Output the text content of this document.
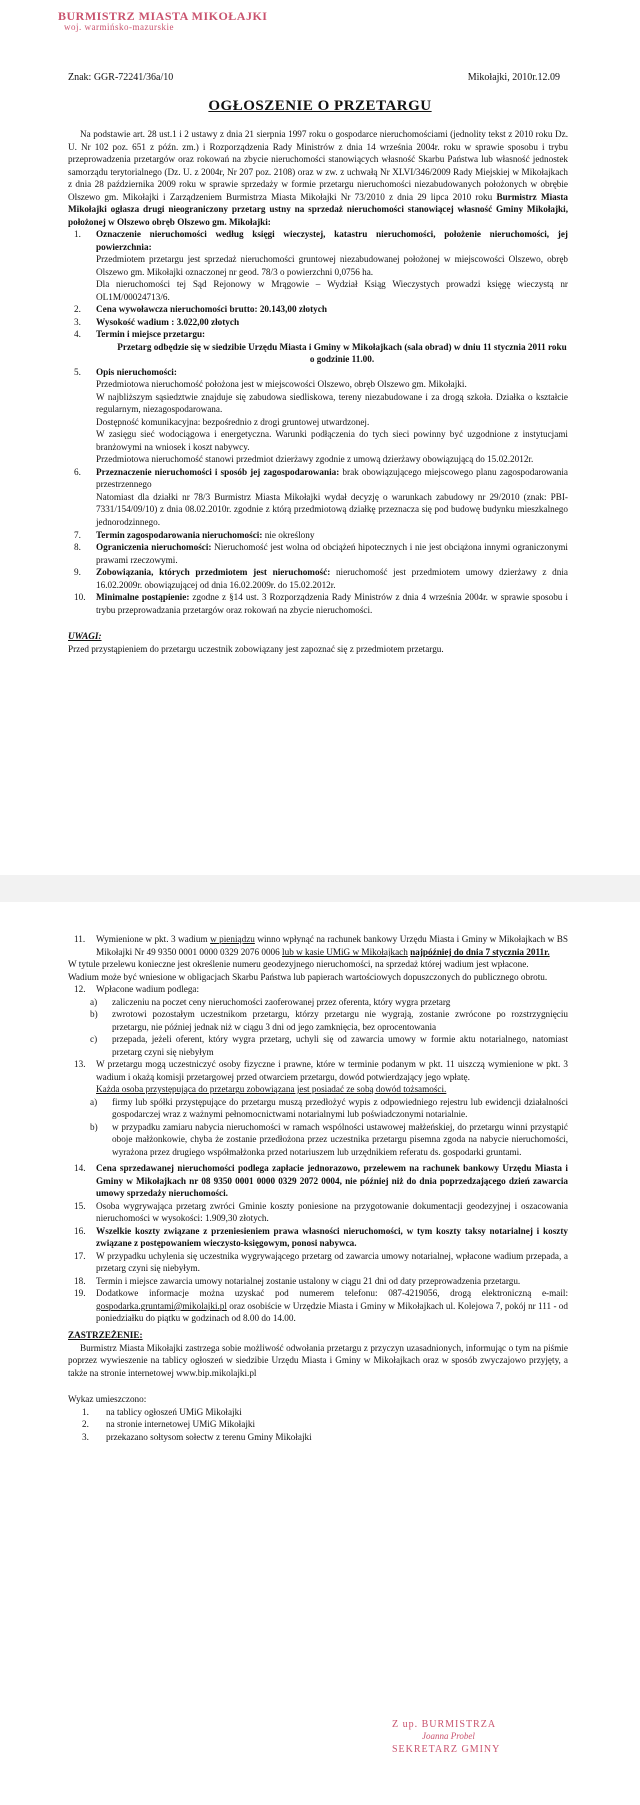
BURMISTRZ MIASTA MIKOŁAJKI
woj. warmińsko-mazurskie
Znak: GGR-72241/36a/10	Mikołajki, 2010r.12.09
OGŁOSZENIE O PRZETARGU

Na podstawie art. 28 ust.1 i 2 ustawy z dnia 21 sierpnia 1997 roku o gospodarce nieruchomościami (jednolity tekst z 2010 roku Dz. U. Nr 102 poz. 651 z późn. zm.) i Rozporządzenia Rady Ministrów z dnia 14 września 2004r. roku w sprawie sposobu i trybu przeprowadzenia przetargów oraz rokowań na zbycie nieruchomości stanowiących własność Skarbu Państwa lub własność jednostek samorządu terytorialnego (Dz. U. z 2004r, Nr 207 poz. 2108) oraz w zw. z uchwałą Nr XLVI/346/2009 Rady Miejskiej w Mikołajkach z dnia 28 października 2009 roku w sprawie sprzedaży w formie przetargu nieruchomości niezabudowanych położonych w obrębie Olszewo gm. Mikołajki i Zarządzeniem Burmistrza Miasta Mikołajki Nr 73/2010 z dnia 29 lipca 2010 roku Burmistrz Miasta Mikołajki ogłasza drugi nieograniczony przetarg ustny na sprzedaż nieruchomości stanowiącej własność Gminy Mikołajki, położonej w Olszewo obręb Olszewo gm. Mikołajki:

1.	Oznaczenie nieruchomości według księgi wieczystej, katastru nieruchomości, położenie nieruchomości, jej powierzchnia:

Przedmiotem przetargu jest sprzedaż nieruchomości gruntowej niezabudowanej położonej w miejscowości Olszewo, obręb Olszewo gm. Mikołajki oznaczonej nr geod. 78/3 o powierzchni 0,0756 ha.

Dla nieruchomości tej Sąd Rejonowy w Mrągowie – Wydział Ksiąg Wieczystych prowadzi księgę wieczystą nr OL1M/00024713/6.

2.	Cena wywoławcza nieruchomości brutto: 20.143,00 złotych

3.	Wysokość wadium : 3.022,00 złotych

4.	Termin i miejsce przetargu:

Przetarg odbędzie się w siedzibie Urzędu Miasta i Gminy w Mikołajkach (sala obrad) w dniu 11 stycznia 2011 roku o godzinie 11.00.

5.	Opis nieruchomości:

Przedmiotowa nieruchomość położona jest w miejscowości Olszewo, obręb Olszewo gm. Mikołajki.

W najbliższym sąsiedztwie znajduje się zabudowa siedliskowa, tereny niezabudowane i za drogą szkoła. Działka o kształcie regularnym, niezagospodarowana.

Dostępność komunikacyjna: bezpośrednio z drogi gruntowej utwardzonej.

W zasięgu sieć wodociągowa i energetyczna. Warunki podłączenia do tych sieci powinny być uzgodnione z instytucjami branżowymi na wniosek i koszt nabywcy.

Przedmiotowa nieruchomość stanowi przedmiot dzierżawy zgodnie z umową dzierżawy obowiązującą do 15.02.2012r.

6.	Przeznaczenie nieruchomości i sposób jej zagospodarowania: brak obowiązującego miejscowego planu zagospodarowania przestrzennego

Natomiast dla działki nr 78/3 Burmistrz Miasta Mikołajki wydał decyzję o warunkach zabudowy nr 29/2010 (znak: PBI-7331/154/09/10) z dnia 08.02.2010r. zgodnie z którą przedmiotową działkę przeznacza się pod budowę budynku mieszkalnego jednorodzinnego.

7.	Termin zagospodarowania nieruchomości: nie określony

8.	Ograniczenia nieruchomości: Nieruchomość jest wolna od obciążeń hipotecznych i nie jest obciążona innymi ograniczonymi prawami rzeczowymi.

9.	Zobowiązania, których przedmiotem jest nieruchomość: nieruchomość jest przedmiotem umowy dzierżawy z dnia 16.02.2009r. obowiązującej od dnia 16.02.2009r. do 15.02.2012r.

10.	Minimalne postąpienie: zgodne z §14 ust. 3 Rozporządzenia Rady Ministrów z dnia 4 września 2004r. w sprawie sposobu i trybu przeprowadzania przetargów oraz rokowań na zbycie nieruchomości.

UWAGI:

Przed przystąpieniem do przetargu uczestnik zobowiązany jest zapoznać się z przedmiotem przetargu.

11.	Wymienione w pkt. 3 wadium w pieniądzu winno wpłynąć na rachunek bankowy Urzędu Miasta i Gminy w Mikołajkach w BS Mikołajki Nr 49 9350 0001 0000 0329 2076 0006 lub w kasie UMiG w Mikołajkach najpóźniej do dnia 7 stycznia 2011r.

W tytule przelewu konieczne jest określenie numeru geodezyjnego nieruchomości, na sprzedaż której wadium jest wpłacone.

Wadium może być wniesione w obligacjach Skarbu Państwa lub papierach wartościowych dopuszczonych do publicznego obrotu.

12.	Wpłacone wadium podlega:

a)	zaliczeniu na poczet ceny nieruchomości zaoferowanej przez oferenta, który wygra przetarg

b)	zwrotowi pozostałym uczestnikom przetargu, którzy przetargu nie wygrają, zostanie zwrócone po rozstrzygnięciu przetargu, nie później jednak niż w ciągu 3 dni od jego zamknięcia, bez oprocentowania

c)	przepada, jeżeli oferent, który wygra przetarg, uchyli się od zawarcia umowy w formie aktu notarialnego, natomiast przetarg czyni się niebyłym

13.	W przetargu mogą uczestniczyć osoby fizyczne i prawne, które w terminie podanym w pkt. 11 uiszczą wymienione w pkt. 3 wadium i okażą komisji przetargowej przed otwarciem przetargu, dowód potwierdzający jego wpłatę.

Każda osoba przystępująca do przetargu zobowiązana jest posiadać ze sobą dowód tożsamości.

a)	firmy lub spółki przystępujące do przetargu muszą przedłożyć wypis z odpowiedniego rejestru lub ewidencji działalności gospodarczej wraz z ważnymi pełnomocnictwami notarialnymi lub poświadczonymi notarialnie.

b)	w przypadku zamiaru nabycia nieruchomości w ramach wspólności ustawowej małżeńskiej, do przetargu winni przystąpić oboje małżonkowie, chyba że zostanie przedłożona przez uczestnika przetargu pisemna zgoda na nabycie nieruchomości, wyrażona przez drugiego współmałżonka przed notariuszem lub urzędnikiem referatu ds. gospodarki gruntami.

14.	Cena sprzedawanej nieruchomości podlega zapłacie jednorazowo, przelewem na rachunek bankowy Urzędu Miasta i Gminy w Mikołajkach nr 08 9350 0001 0000 0329 2072 0004, nie później niż do dnia poprzedzającego dzień zawarcia umowy sprzedaży nieruchomości.

15.	Osoba wygrywająca przetarg zwróci Gminie koszty poniesione na przygotowanie dokumentacji geodezyjnej i oszacowania nieruchomości w wysokości: 1.909,30 złotych.

16.	Wszelkie koszty związane z przeniesieniem prawa własności nieruchomości, w tym koszty taksy notarialnej i koszty związane z postępowaniem wieczysto-księgowym, ponosi nabywca.

17.	W przypadku uchylenia się uczestnika wygrywającego przetarg od zawarcia umowy notarialnej, wpłacone wadium przepada, a przetarg czyni się niebyłym.

18.	Termin i miejsce zawarcia umowy notarialnej zostanie ustalony w ciągu 21 dni od daty przeprowadzenia przetargu.

19.	Dodatkowe informacje można uzyskać pod numerem telefonu: 087-4219056, drogą elektroniczną e-mail: gospodarka.gruntami@mikolajki.pl oraz osobiście w Urzędzie Miasta i Gminy w Mikołajkach ul. Kolejowa 7, pokój nr 111 - od poniedziałku do piątku w godzinach od 8.00 do 14.00.

ZASTRZEŻENIE:

Burmistrz Miasta Mikołajki zastrzega sobie możliwość odwołania przetargu z przyczyn uzasadnionych, informując o tym na piśmie poprzez wywieszenie na tablicy ogłoszeń w siedzibie Urzędu Miasta i Gminy w Mikołajkach oraz w sposób zwyczajowo przyjęty, a także na stronie internetowej www.bip.mikolajki.pl

Wykaz umieszczono:

1.	na tablicy ogłoszeń UMiG Mikołajki

2.	na stronie internetowej UMiG Mikołajki

3.	przekazano sołtysom sołectw z terenu Gminy Mikołajki

Z up. BURMISTRZA
Joanna Probel
SEKRETARZ GMINY
